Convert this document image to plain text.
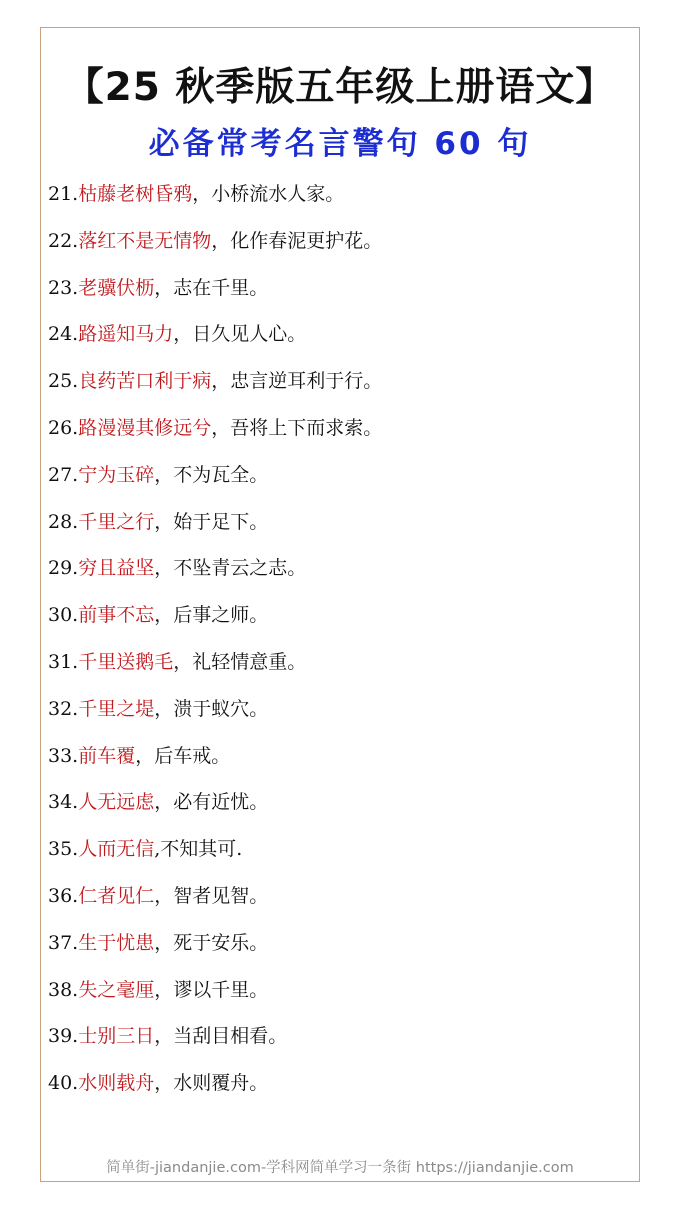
【25 秋季版五年级上册语文】
必备常考名言警句 60 句
21.枯藤老树昏鸦，小桥流水人家。
22.落红不是无情物，化作春泥更护花。
23.老骥伏枥，志在千里。
24.路遥知马力，日久见人心。
25.良药苦口利于病，忠言逆耳利于行。
26.路漫漫其修远兮，吾将上下而求索。
27.宁为玉碎，不为瓦全。
28.千里之行，始于足下。
29.穷且益坚，不坠青云之志。
30.前事不忘，后事之师。
31.千里送鹅毛，礼轻情意重。
32.千里之堤，溃于蚁穴。
33.前车覆，后车戒。
34.人无远虑，必有近忧。
35.人而无信,不知其可.
36.仁者见仁，智者见智。
37.生于忧患，死于安乐。
38.失之毫厘，谬以千里。
39.士别三日，当刮目相看。
40.水则载舟，水则覆舟。
简单街-jiandanjie.com-学科网简单学习一条街 https://jiandanjie.com
